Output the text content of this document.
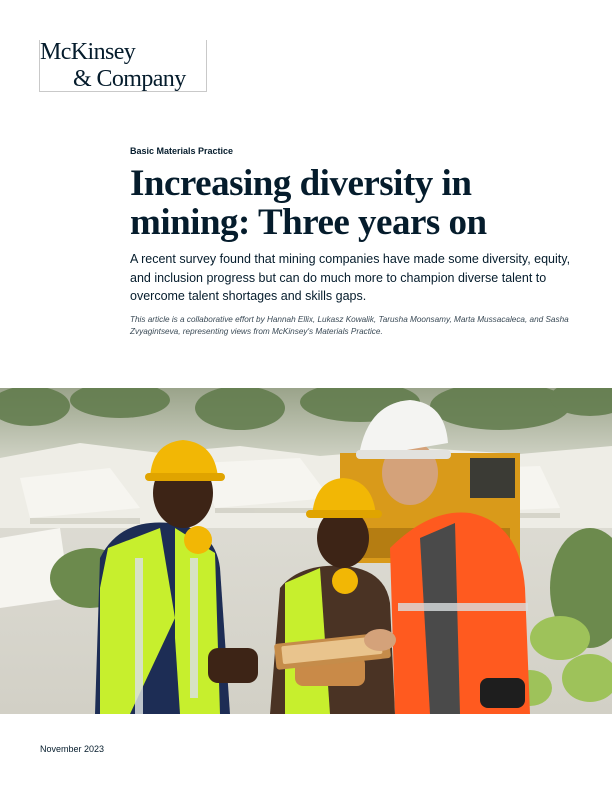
McKinsey
& Company
Basic Materials Practice
Increasing diversity in
mining: Three years on

A recent survey found that mining companies have made some diversity, equity, and inclusion progress but can do much more to champion diverse talent to overcome talent shortages and skills gaps.

This article is a collaborative effort by Hannah Ellix, Lukasz Kowalik, Tarusha Moonsamy, Marta Mussacaleca, and Sasha Zvyagintseva, representing views from McKinsey's Materials Practice.

November 2023
